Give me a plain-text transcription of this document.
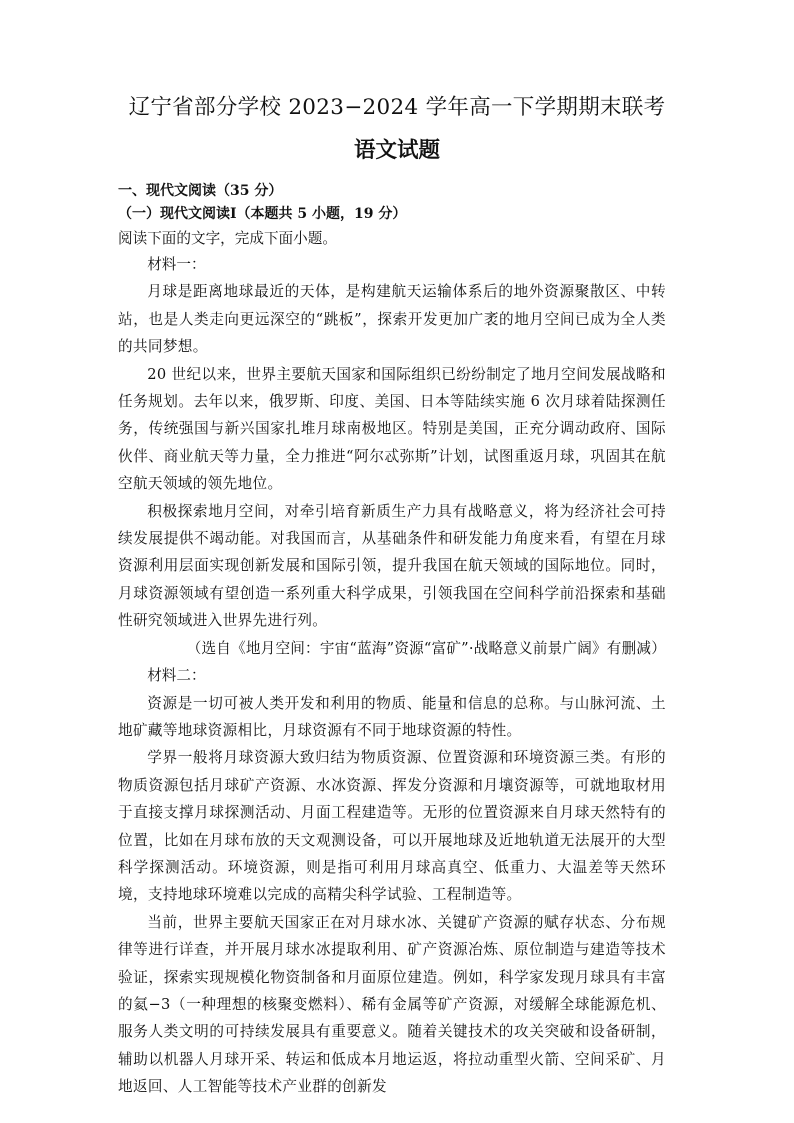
辽宁省部分学校 2023−2024 学年高一下学期期末联考
语文试题

一、现代文阅读（35 分）

（一）现代文阅读Ⅰ（本题共 5 小题，19 分）

阅读下面的文字，完成下面小题。

材料一：

月球是距离地球最近的天体，是构建航天运输体系后的地外资源聚散区、中转站，也是人类走向更远深空的“跳板”，探索开发更加广袤的地月空间已成为全人类的共同梦想。

20 世纪以来，世界主要航天国家和国际组织已纷纷制定了地月空间发展战略和任务规划。去年以来，俄罗斯、印度、美国、日本等陆续实施 6 次月球着陆探测任务，传统强国与新兴国家扎堆月球南极地区。特别是美国，正充分调动政府、国际伙伴、商业航天等力量，全力推进“阿尔忒弥斯”计划，试图重返月球，巩固其在航空航天领域的领先地位。

积极探索地月空间，对牵引培育新质生产力具有战略意义，将为经济社会可持续发展提供不竭动能。对我国而言，从基础条件和研发能力角度来看，有望在月球资源利用层面实现创新发展和国际引领，提升我国在航天领域的国际地位。同时，月球资源领域有望创造一系列重大科学成果，引领我国在空间科学前沿探索和基础性研究领域进入世界先进行列。

（选自《地月空间：宇宙“蓝海”资源“富矿”·战略意义前景广阔》有删减）

材料二：

资源是一切可被人类开发和利用的物质、能量和信息的总称。与山脉河流、土地矿藏等地球资源相比，月球资源有不同于地球资源的特性。

学界一般将月球资源大致归结为物质资源、位置资源和环境资源三类。有形的物质资源包括月球矿产资源、水冰资源、挥发分资源和月壤资源等，可就地取材用于直接支撑月球探测活动、月面工程建造等。无形的位置资源来自月球天然特有的位置，比如在月球布放的天文观测设备，可以开展地球及近地轨道无法展开的大型科学探测活动。环境资源，则是指可利用月球高真空、低重力、大温差等天然环境，支持地球环境难以完成的高精尖科学试验、工程制造等。

当前，世界主要航天国家正在对月球水冰、关键矿产资源的赋存状态、分布规律等进行详查，并开展月球水冰提取利用、矿产资源冶炼、原位制造与建造等技术验证，探索实现规模化物资制备和月面原位建造。例如，科学家发现月球具有丰富的氦−3（一种理想的核聚变燃料）、稀有金属等矿产资源，对缓解全球能源危机、服务人类文明的可持续发展具有重要意义。随着关键技术的攻关突破和设备研制，辅助以机器人月球开采、转运和低成本月地运返，将拉动重型火箭、空间采矿、月地返回、人工智能等技术产业群的创新发
